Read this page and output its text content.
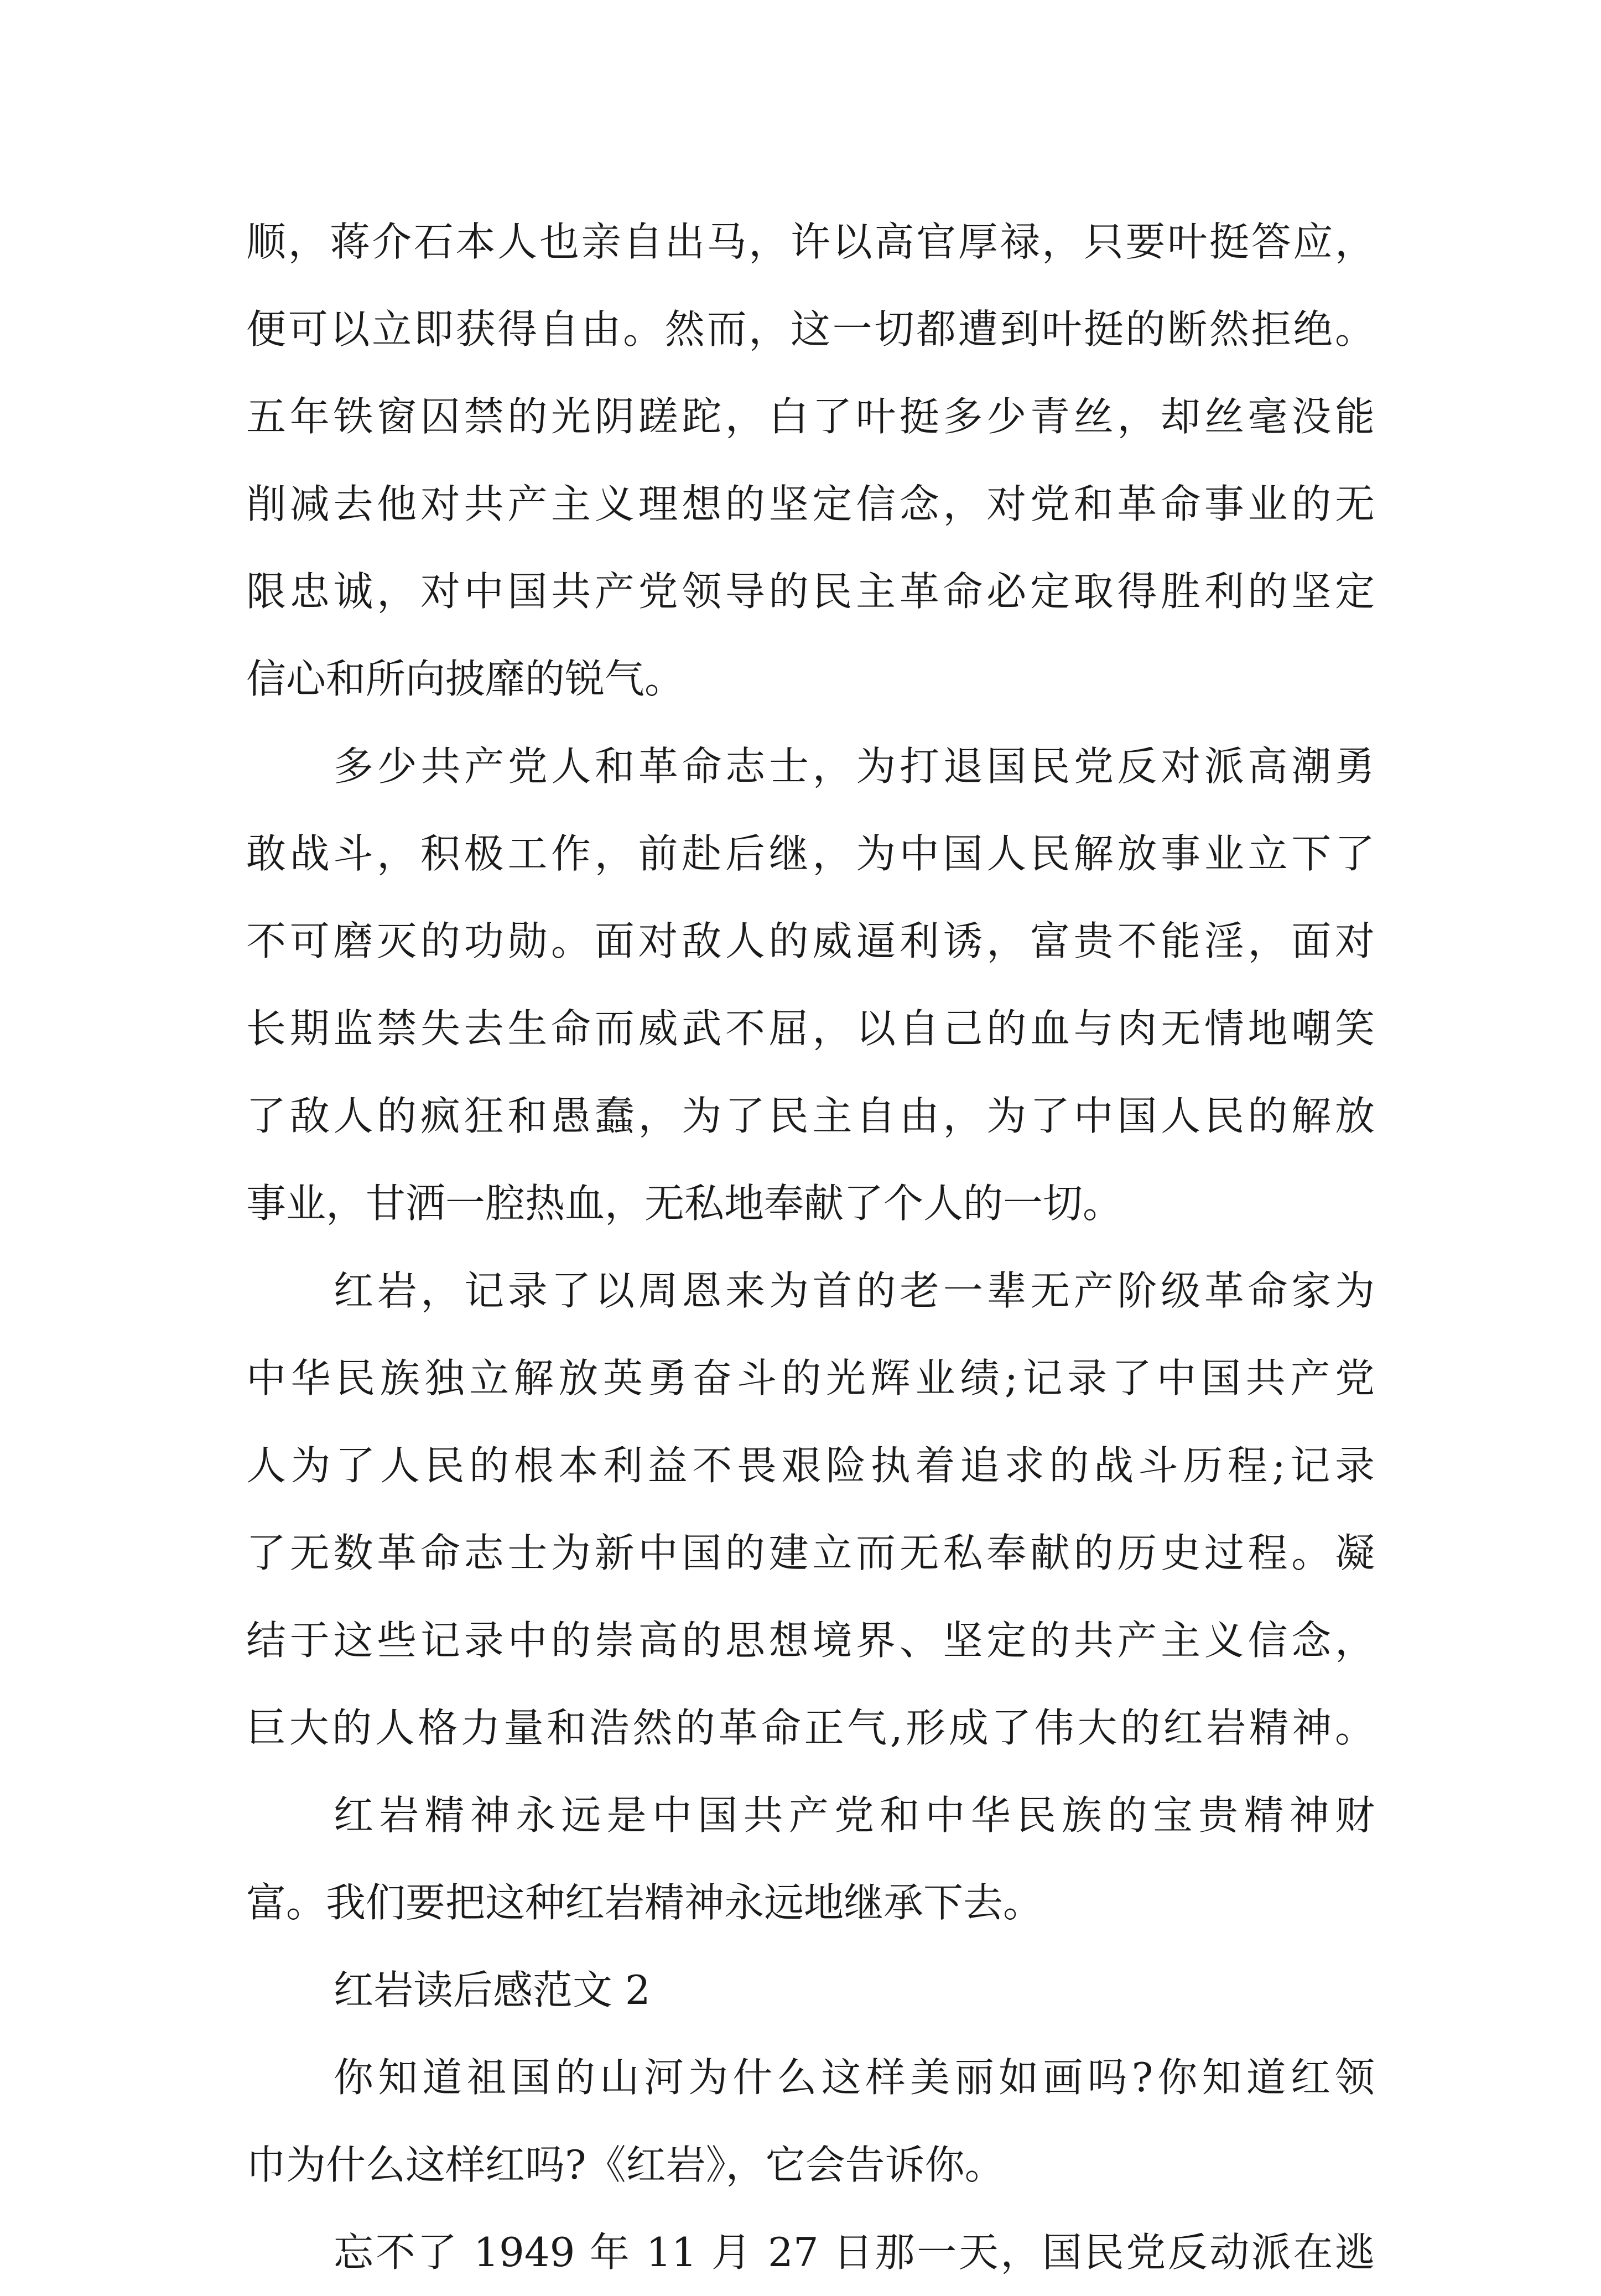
顺，蒋介石本人也亲自出马，许以高官厚禄，只要叶挺答应，
便可以立即获得自由。然而，这一切都遭到叶挺的断然拒绝。
五年铁窗囚禁的光阴蹉跎，白了叶挺多少青丝，却丝毫没能
削减去他对共产主义理想的坚定信念，对党和革命事业的无
限忠诚，对中国共产党领导的民主革命必定取得胜利的坚定
信心和所向披靡的锐气。
多少共产党人和革命志士，为打退国民党反对派高潮勇
敢战斗，积极工作，前赴后继，为中国人民解放事业立下了
不可磨灭的功勋。面对敌人的威逼利诱，富贵不能淫，面对
长期监禁失去生命而威武不屈，以自己的血与肉无情地嘲笑
了敌人的疯狂和愚蠢，为了民主自由，为了中国人民的解放
事业，甘洒一腔热血，无私地奉献了个人的一切。
红岩，记录了以周恩来为首的老一辈无产阶级革命家为
中华民族独立解放英勇奋斗的光辉业绩;记录了中国共产党
人为了人民的根本利益不畏艰险执着追求的战斗历程;记录
了无数革命志士为新中国的建立而无私奉献的历史过程。凝
结于这些记录中的崇高的思想境界、坚定的共产主义信念，
巨大的人格力量和浩然的革命正气,形成了伟大的红岩精神。
红岩精神永远是中国共产党和中华民族的宝贵精神财
富。我们要把这种红岩精神永远地继承下去。
红岩读后感范文 2
你知道祖国的山河为什么这样美丽如画吗?你知道红领
巾为什么这样红吗?《红岩》，它会告诉你。
忘不了 1949 年 11 月 27 日那一天，国民党反动派在逃
